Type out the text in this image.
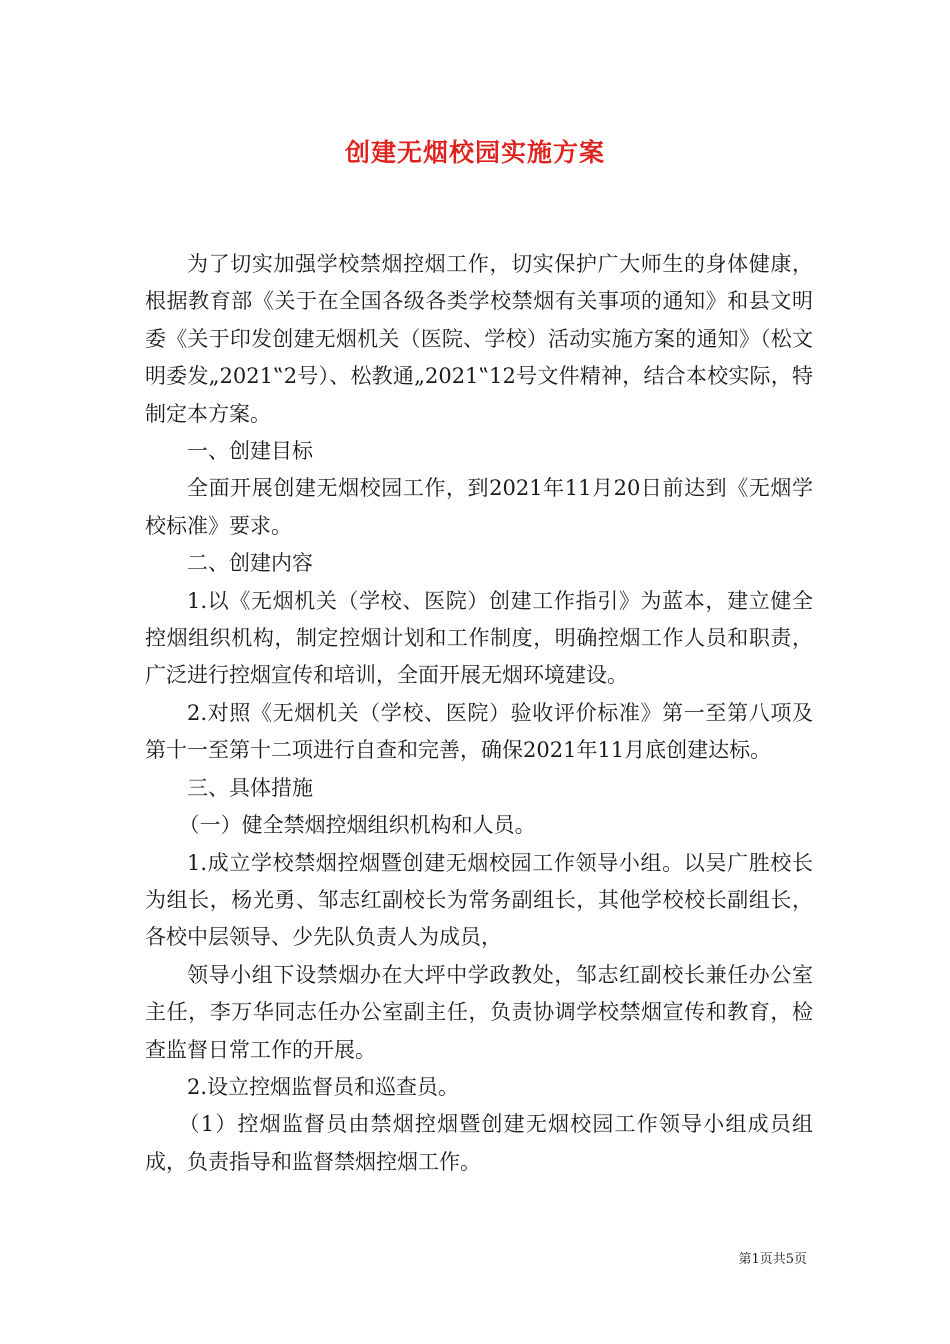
创建无烟校园实施方案

为了切实加强学校禁烟控烟工作，切实保护广大师生的身体健康，根据教育部《关于在全国各级各类学校禁烟有关事项的通知》和县文明委《关于印发创建无烟机关（医院、学校）活动实施方案的通知》（松文明委发„2021‟2号）、松教通„2021‟12号文件精神，结合本校实际，特制定本方案。

一、创建目标

全面开展创建无烟校园工作，到2021年11月20日前达到《无烟学校标准》要求。

二、创建内容

1.以《无烟机关（学校、医院）创建工作指引》为蓝本，建立健全控烟组织机构，制定控烟计划和工作制度，明确控烟工作人员和职责，广泛进行控烟宣传和培训，全面开展无烟环境建设。

2.对照《无烟机关（学校、医院）验收评价标准》第一至第八项及第十一至第十二项进行自查和完善，确保2021年11月底创建达标。

三、具体措施

（一）健全禁烟控烟组织机构和人员。

1.成立学校禁烟控烟暨创建无烟校园工作领导小组。以吴广胜校长为组长，杨光勇、邹志红副校长为常务副组长，其他学校校长副组长，各校中层领导、少先队负责人为成员，

领导小组下设禁烟办在大坪中学政教处，邹志红副校长兼任办公室主任，李万华同志任办公室副主任，负责协调学校禁烟宣传和教育，检查监督日常工作的开展。

2.设立控烟监督员和巡查员。

（1）控烟监督员由禁烟控烟暨创建无烟校园工作领导小组成员组成，负责指导和监督禁烟控烟工作。

第1页共5页
